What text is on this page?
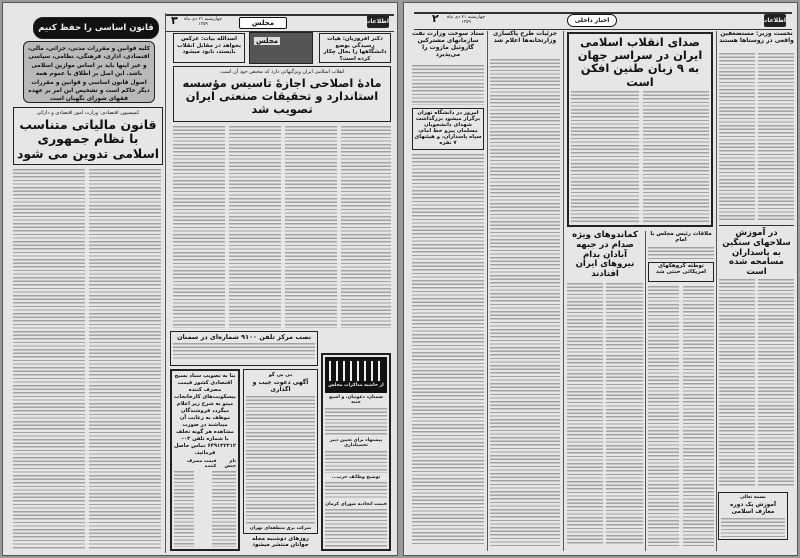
قانون اساسی را حفظ کنیم
کلیه قوانین و مقررات مدنی، جزائی، مالی، اقتصادی، اداری، فرهنگی، نظامی، سیاسی و غیر اینها باید بر اساس موازین اسلامی باشد. این اصل بر اطلاق یا عموم همه اصول قانون اساسی و قوانین و مقررات دیگر حاکم است و تشخیص این امر بر عهده فقهای شورای نگهبان است
کمیسیون اقتصادی: وزارت امور اقتصادی و دارائی
قانون مالیاتی متناسب با نظام جمهوری اسلامی تدوین می شود
۳ چهارشنبه ۲۱ دی ماه ۱۳۵۹	مجلس	اطلاعات
اسدالله بیات: عرکس بخواهد در مقابل انقلاب بایستد، نابود میشود
مجلس	دکتر افروزیان: هیات رسیدگی بوضع دانشگاهها را بحال چکار کرده است؟
انقلاب اسلامی ایران ویژگیهائی دارد که مختص خود آن است.
مادهٔ اصلاحی اجازهٔ تاسیس مؤسسه استاندارد و تحقیقات صنعتی ایران تصویب شد
نصب مرکز تلفن ۹۱۰۰ شماره‌ای در سمنان
بنا به تصویب ستاد بسیج اقتصادی کشور قیمت مصرف کننده بیسکویت‌های کارخانجات مینو به شرح زیر اعلام میگردد فروشندگان موظف به رعایت آن میباشند در صورت مشاهده هر گونه تخلف با شماره تلفن ۰۳–۶۴۹۱۳۲۳۱۲ تماس حاصل فرمائید.
نام جنس
قیمت مصرف کننده
بی بی گو
آگهی دعوت جیب و اگذاری
شرکت برق منطقه‌ای تهران
روزهای دوشنبه مجله جوانان منتشر میشود
از حاشیه مذاکرات مجلس
سمنان، دعوتیان، و اشیع جنبه
پیشنهاد برای تعیین دبیر تحصیلداری
توضیح وظائف حزب...
قیمت اتحادیه شورای کرمان
۲ چهارشنبه ۲۱ دی ماه ۱۳۵۹	اخبار داخلی	اطلاعات
ستاد سوخت وزارت نفت سازمانهای مشترکین گازوئیل مازوت را می‌پذیرد
امروز در دانشگاه تهران برگزار میشود بزرگداشت شهدای دانشجویان مسلمان پیرو خط امام، سپاه پاسداران، و هیئتهای ۷ نفره
جزئیات طرح پاکسازی وزارتخانه‌ها اعلام شد	صدای انقلاب اسلامی ایران در سراسر جهان به ۹ زبان طنین افکن است
کماندوهای ویژه صدام در جبهه آبادان بدام نیروهای ایران افتادند
ملاقات رئیس مجلس با امام
توطئه گروهکهای امریکائی خنثی شد
نخست وزیر: مستضعفین واقعی در روستاها هستند
در آموزش سلاحهای سنگین به پاسداران مسامحه شده است
بسمه تعالی
آموزش یک دوره معارف اسلامی
